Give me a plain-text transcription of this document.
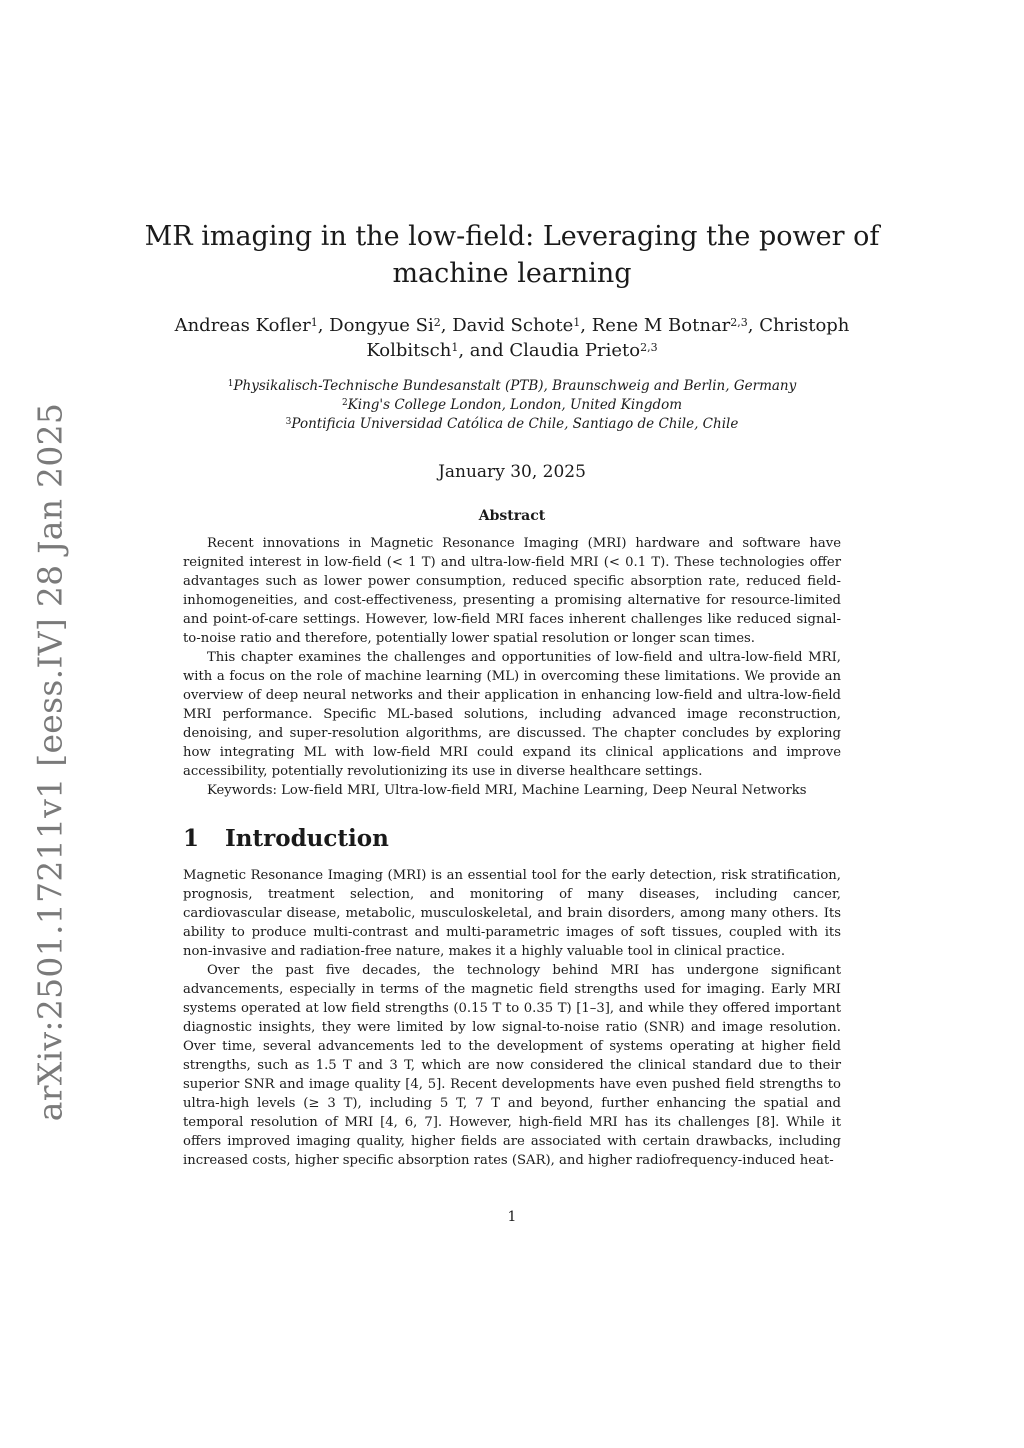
arXiv:2501.17211v1 [eess.IV] 28 Jan 2025
MR imaging in the low-field: Leveraging the power of machine learning
Andreas Kofler$^1$, Dongyue Si$^2$, David Schote$^1$, Rene M Botnar$^{2,3}$, Christoph Kolbitsch$^1$, and Claudia Prieto$^{2,3}$
$^1$Physikalisch-Technische Bundesanstalt (PTB), Braunschweig and Berlin, Germany
$^2$King's College London, London, United Kingdom
$^3$Pontificia Universidad Católica de Chile, Santiago de Chile, Chile
January 30, 2025
Abstract

Recent innovations in Magnetic Resonance Imaging (MRI) hardware and software have reignited interest in low-field (< 1 T) and ultra-low-field MRI (< 0.1 T). These technologies offer advantages such as lower power consumption, reduced specific absorption rate, reduced field-inhomogeneities, and cost-effectiveness, presenting a promising alternative for resource-limited and point-of-care settings. However, low-field MRI faces inherent challenges like reduced signal-to-noise ratio and therefore, potentially lower spatial resolution or longer scan times.

This chapter examines the challenges and opportunities of low-field and ultra-low-field MRI, with a focus on the role of machine learning (ML) in overcoming these limitations. We provide an overview of deep neural networks and their application in enhancing low-field and ultra-low-field MRI performance. Specific ML-based solutions, including advanced image reconstruction, denoising, and super-resolution algorithms, are discussed. The chapter concludes by exploring how integrating ML with low-field MRI could expand its clinical applications and improve accessibility, potentially revolutionizing its use in diverse healthcare settings.

Keywords: Low-field MRI, Ultra-low-field MRI, Machine Learning, Deep Neural Networks

1 Introduction

Magnetic Resonance Imaging (MRI) is an essential tool for the early detection, risk stratification, prognosis, treatment selection, and monitoring of many diseases, including cancer, cardiovascular disease, metabolic, musculoskeletal, and brain disorders, among many others. Its ability to produce multi-contrast and multi-parametric images of soft tissues, coupled with its non-invasive and radiation-free nature, makes it a highly valuable tool in clinical practice.

Over the past five decades, the technology behind MRI has undergone significant advancements, especially in terms of the magnetic field strengths used for imaging. Early MRI systems operated at low field strengths (0.15 T to 0.35 T) [1–3], and while they offered important diagnostic insights, they were limited by low signal-to-noise ratio (SNR) and image resolution. Over time, several advancements led to the development of systems operating at higher field strengths, such as 1.5 T and 3 T, which are now considered the clinical standard due to their superior SNR and image quality [4, 5]. Recent developments have even pushed field strengths to ultra-high levels (≥ 3 T), including 5 T, 7 T and beyond, further enhancing the spatial and temporal resolution of MRI [4, 6, 7]. However, high-field MRI has its challenges [8]. While it offers improved imaging quality, higher fields are associated with certain drawbacks, including increased costs, higher specific absorption rates (SAR), and higher radiofrequency-induced heat-

1
